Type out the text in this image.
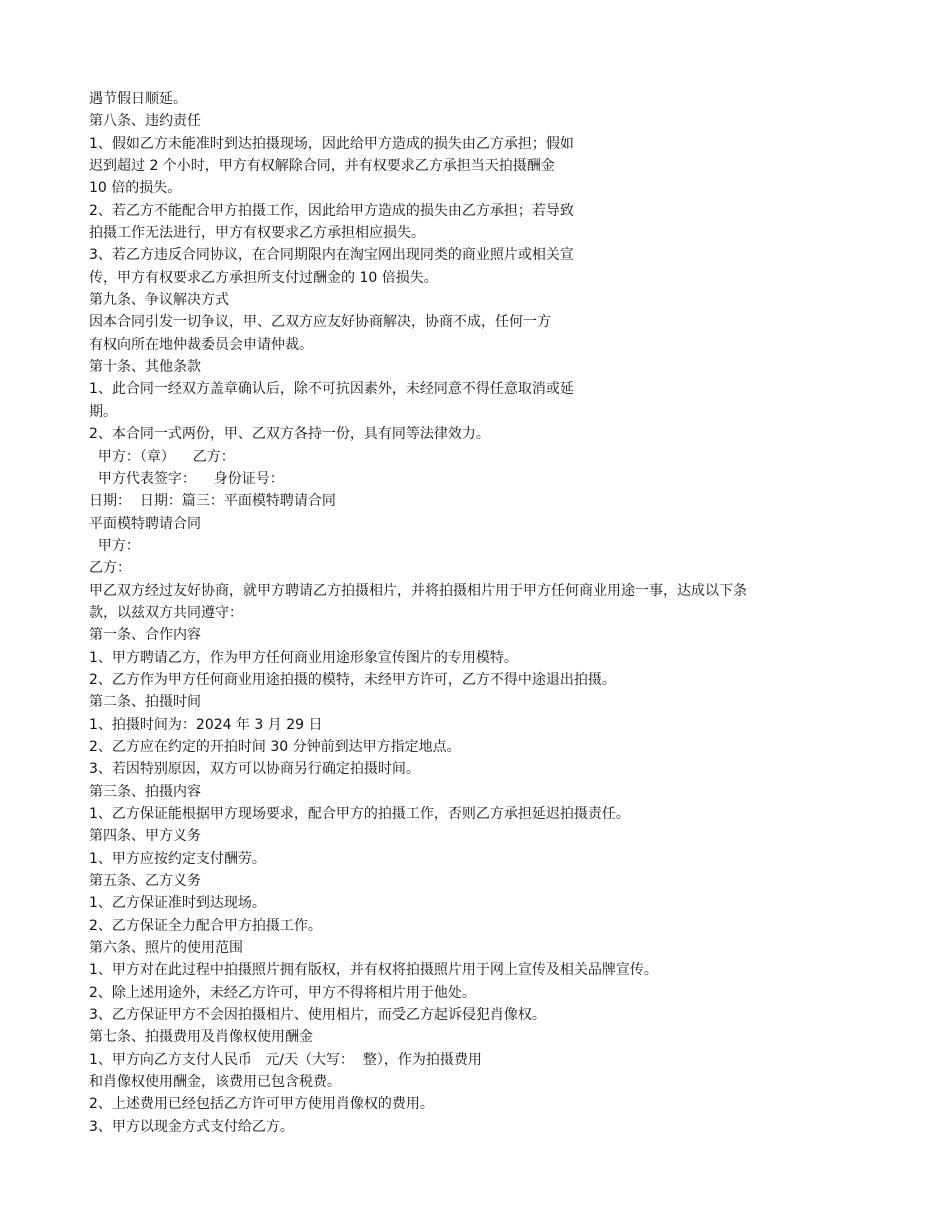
遇节假日顺延。

第八条、违约责任

1、假如乙方未能准时到达拍摄现场，因此给甲方造成的损失由乙方承担；假如

迟到超过 2 个小时，甲方有权解除合同，并有权要求乙方承担当天拍摄酬金

10 倍的损失。

2、若乙方不能配合甲方拍摄工作，因此给甲方造成的损失由乙方承担；若导致

拍摄工作无法进行，甲方有权要求乙方承担相应损失。

3、若乙方违反合同协议，在合同期限内在淘宝网出现同类的商业照片或相关宣

传，甲方有权要求乙方承担所支付过酬金的 10 倍损失。

第九条、争议解决方式

因本合同引发一切争议，甲、乙双方应友好协商解决，协商不成，任何一方

有权向所在地仲裁委员会申请仲裁。

第十条、其他条款

1、此合同一经双方盖章确认后，除不可抗因素外，未经同意不得任意取消或延

期。

2、本合同一式两份，甲、乙双方各持一份，具有同等法律效力。

甲方：（章）    乙方：

甲方代表签字：    身份证号：

日期：  日期：篇三：平面模特聘请合同

平面模特聘请合同

甲方：

乙方：

甲乙双方经过友好协商，就甲方聘请乙方拍摄相片，并将拍摄相片用于甲方任何商业用途一事，达成以下条

款，以兹双方共同遵守：

第一条、合作内容

1、甲方聘请乙方，作为甲方任何商业用途形象宣传图片的专用模特。

2、乙方作为甲方任何商业用途拍摄的模特，未经甲方许可，乙方不得中途退出拍摄。

第二条、拍摄时间

1、拍摄时间为：2024 年 3 月 29 日

2、乙方应在约定的开拍时间 30 分钟前到达甲方指定地点。

3、若因特别原因，双方可以协商另行确定拍摄时间。

第三条、拍摄内容

1、乙方保证能根据甲方现场要求，配合甲方的拍摄工作，否则乙方承担延迟拍摄责任。

第四条、甲方义务

1、甲方应按约定支付酬劳。

第五条、乙方义务

1、乙方保证准时到达现场。

2、乙方保证全力配合甲方拍摄工作。

第六条、照片的使用范围

1、甲方对在此过程中拍摄照片拥有版权，并有权将拍摄照片用于网上宣传及相关品牌宣传。

2、除上述用途外，未经乙方许可，甲方不得将相片用于他处。

3、乙方保证甲方不会因拍摄相片、使用相片，而受乙方起诉侵犯肖像权。

第七条、拍摄费用及肖像权使用酬金

1、甲方向乙方支付人民币   元/天（大写：  整），作为拍摄费用

和肖像权使用酬金，该费用已包含税费。

2、上述费用已经包括乙方许可甲方使用肖像权的费用。

3、甲方以现金方式支付给乙方。
